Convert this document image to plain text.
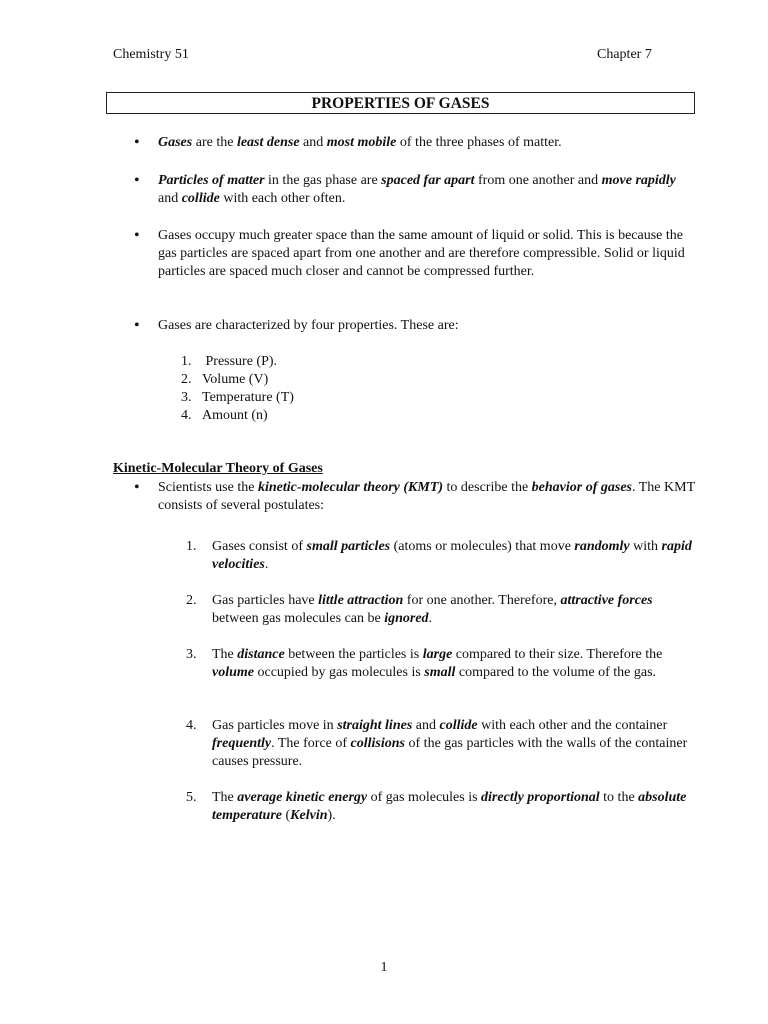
Chemistry 51	Chapter 7
PROPERTIES OF GASES
• Gases are the least dense and most mobile of the three phases of matter.
• Particles of matter in the gas phase are spaced far apart from one another and move rapidly and collide with each other often.
• Gases occupy much greater space than the same amount of liquid or solid. This is because the gas particles are spaced apart from one another and are therefore compressible. Solid or liquid particles are spaced much closer and cannot be compressed further.
• Gases are characterized by four properties. These are:
1.    Pressure (P).
2. Volume (V)
3. Temperature (T)
4. Amount (n)
Kinetic-Molecular Theory of Gases
• Scientists use the kinetic-molecular theory (KMT) to describe the behavior of gases. The KMT consists of several postulates:
1. Gases consist of small particles (atoms or molecules) that move randomly with rapid velocities.
2. Gas particles have little attraction for one another. Therefore, attractive forces between gas molecules can be ignored.
3. The distance between the particles is large compared to their size. Therefore the volume occupied by gas molecules is small compared to the volume of the gas.
4. Gas particles move in straight lines and collide with each other and the container frequently. The force of collisions of the gas particles with the walls of the container causes pressure.
5. The average kinetic energy of gas molecules is directly proportional to the absolute temperature (Kelvin).
1
